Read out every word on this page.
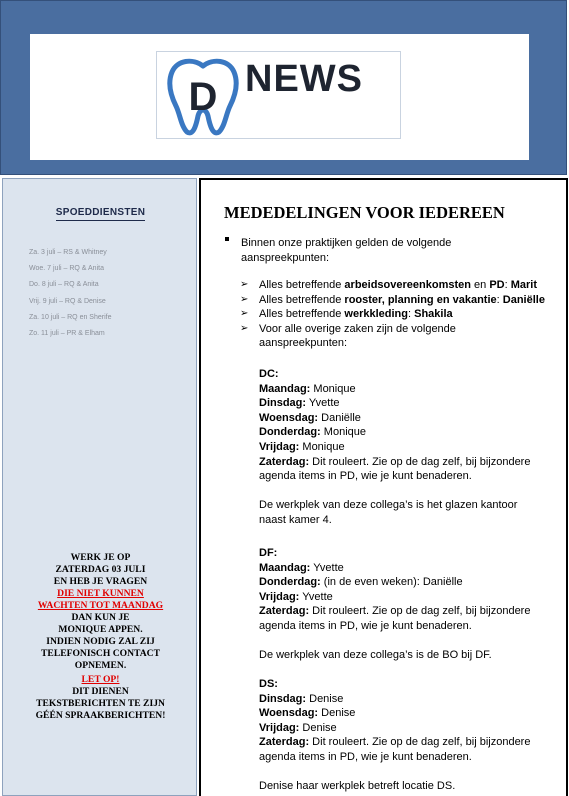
D NEWS
SPOEDDIENSTEN
Za. 3 juli – RS & Whitney
Woe. 7 juli – RQ & Anita
Do. 8 juli – RQ & Anita
Vrij. 9 juli – RQ & Denise
Za. 10 juli – RQ en Sherife
Zo. 11 juli – PR & Elham

WERK JE OP

ZATERDAG 03 JULI

EN HEB JE VRAGEN

DIE NIET KUNNEN

WACHTEN TOT MAANDAG

DAN KUN JE

MONIQUE APPEN.

INDIEN NODIG ZAL ZIJ

TELEFONISCH CONTACT

OPNEMEN.

LET OP!

DIT DIENEN

TEKSTBERICHTEN TE ZIJN

GÉÉN SPRAAKBERICHTEN!

MEDEDELINGEN VOOR IEDEREEN
Binnen onze praktijken gelden de volgende aanspreekpunten:
➢ Alles betreffende arbeidsovereenkomsten en PD: Marit
➢ Alles betreffende rooster, planning en vakantie: Daniëlle
➢ Alles betreffende werkkleding: Shakila
➢ Voor alle overige zaken zijn de volgende aanspreekpunten:

DC:

Maandag: Monique

Dinsdag: Yvette

Woensdag: Daniëlle

Donderdag: Monique

Vrijdag: Monique

Zaterdag: Dit rouleert. Zie op de dag zelf, bij bijzondere agenda items in PD, wie je kunt benaderen.

De werkplek van deze collega’s is het glazen kantoor naast kamer 4.

DF:

Maandag: Yvette

Donderdag: (in de even weken): Daniëlle

Vrijdag: Yvette

Zaterdag: Dit rouleert. Zie op de dag zelf, bij bijzondere agenda items in PD, wie je kunt benaderen.

De werkplek van deze collega’s is de BO bij DF.

DS:

Dinsdag: Denise

Woensdag: Denise

Vrijdag: Denise

Zaterdag: Dit rouleert. Zie op de dag zelf, bij bijzondere agenda items in PD, wie je kunt benaderen.

Denise haar werkplek betreft locatie DS.
